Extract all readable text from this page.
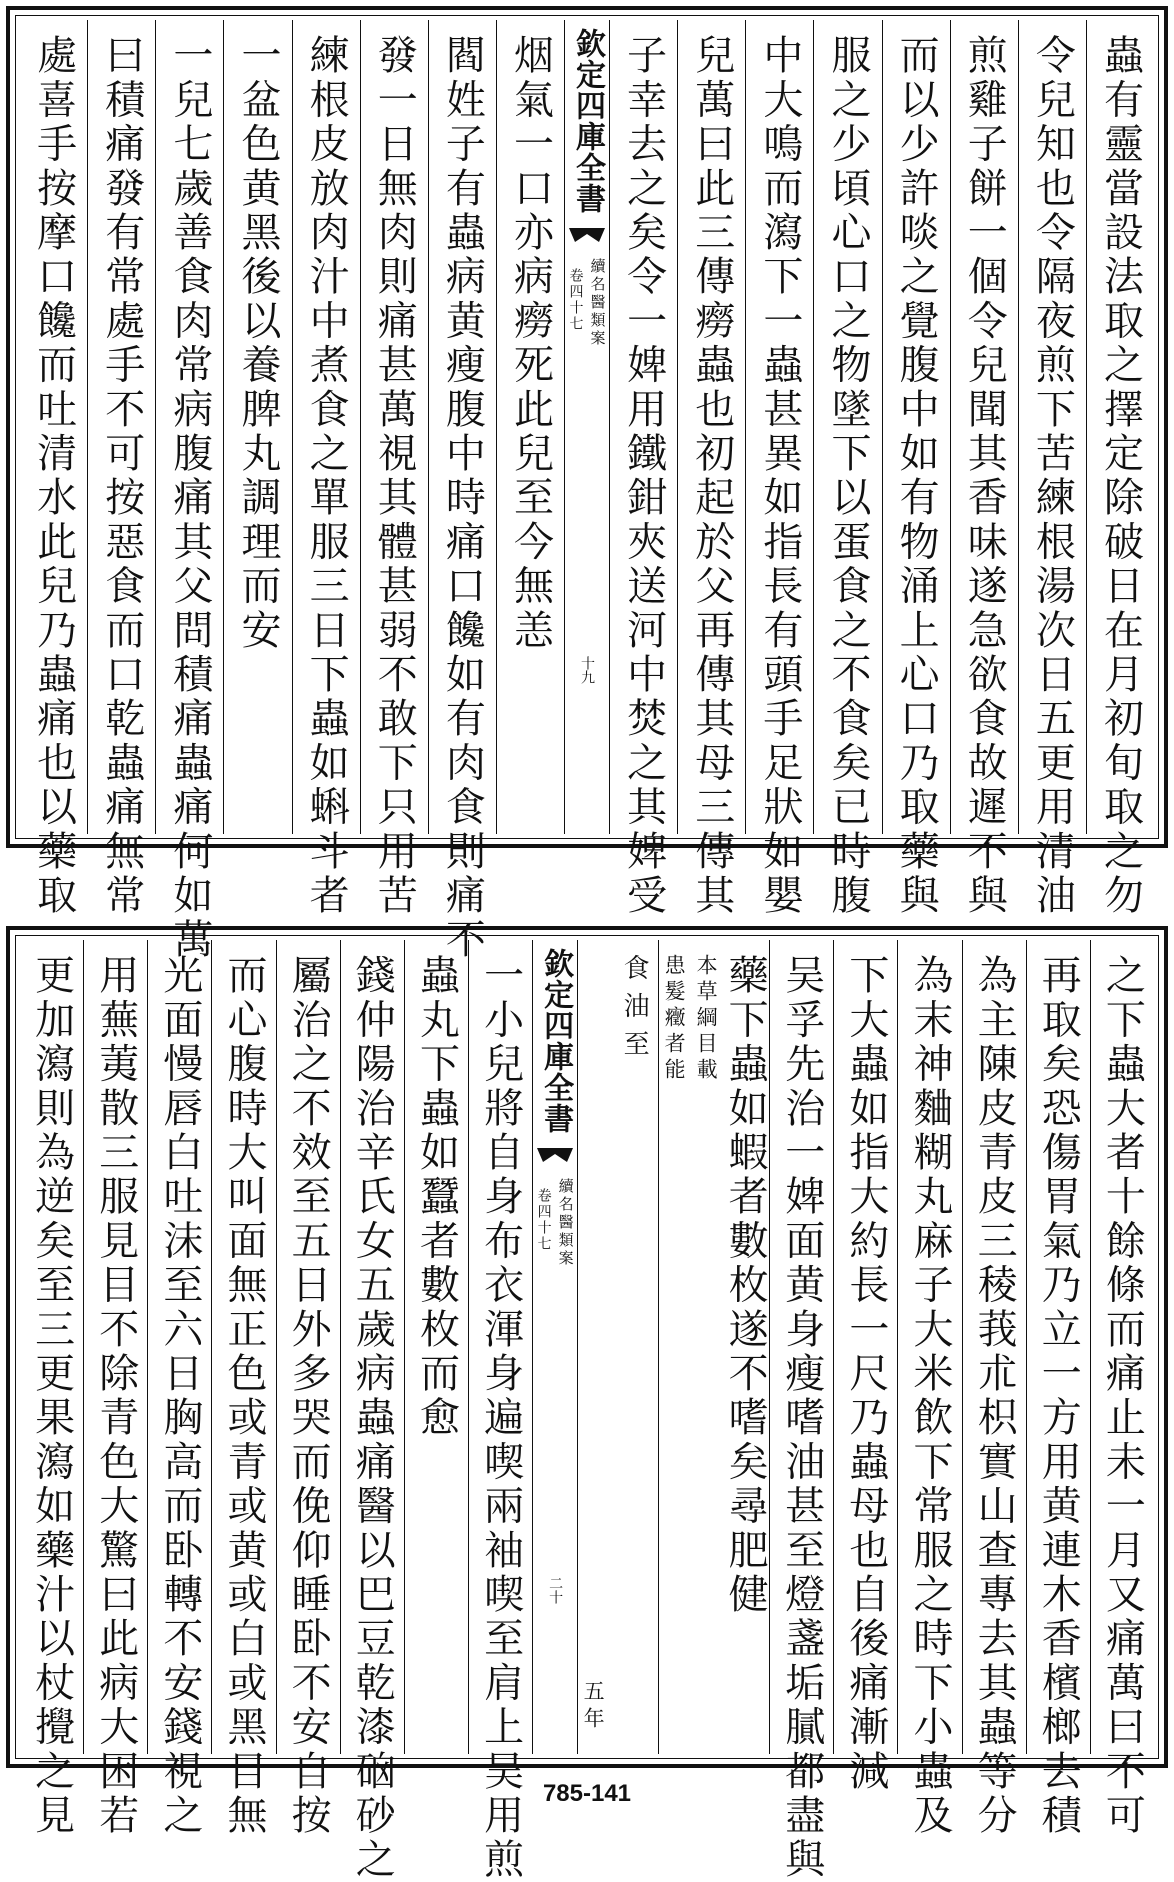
蟲有靈當設法取之擇定除破日在月初旬取之勿
令兒知也令隔夜煎下苦練根湯次日五更用清油
煎雞子餅一個令兒聞其香味遂急欲食故遲不與
而以少許啖之覺腹中如有物涌上心口乃取藥與
服之少頃心口之物墜下以蛋食之不食矣已時腹
中大鳴而瀉下一蟲甚異如指長有頭手足狀如嬰
兒萬曰此三傳癆蟲也初起於父再傳其母三傳其
子幸去之矣令一婢用鐵鉗夾送河中焚之其婢受
欽定四庫全書
續名醫類案
卷四十七
十九
烟氣一口亦病癆死此兒至今無恙
閻姓子有蟲病黄瘦腹中時痛口饞如有肉食則痛不
發一日無肉則痛甚萬視其體甚弱不敢下只用苦
練根皮放肉汁中煮食之單服三日下蟲如蝌斗者
一盆色黄黑後以養脾丸調理而安
一兒七歲善食肉常病腹痛其父問積痛蟲痛何如萬
曰積痛發有常處手不可按惡食而口乾蟲痛無常
處喜手按摩口饞而吐清水此兒乃蟲痛也以藥取
之下蟲大者十餘條而痛止未一月又痛萬曰不可
再取矣恐傷胃氣乃立一方用黄連木香檳榔去積
為主陳皮青皮三稜莪朮枳實山查專去其蟲等分
為末神麯糊丸麻子大米飲下常服之時下小蟲及
下大蟲如指大約長一尺乃蟲母也自後痛漸減
吴孚先治一婢面黄身瘦嗜油甚至燈盞垢膩都盡與
藥下蟲如蝦者數枚遂不嗜矣尋肥健
本草綱目載
患髮癥者能
食油至
五年
欽定四庫全書
續名醫類案
卷四十七
二十
一小兒將自身布衣渾身遍喫兩袖喫至肩上吴用煎
蟲丸下蟲如蠶者數枚而愈
錢仲陽治辛氏女五歲病蟲痛醫以巴豆乾漆硇砂之
屬治之不效至五日外多哭而俛仰睡卧不安自按
而心腹時大叫面無正色或青或黄或白或黑目無
光面慢唇白吐沫至六日胸高而卧轉不安錢視之
用蕪荑散三服見目不除青色大驚曰此病大困若
更加瀉則為逆矣至三更果瀉如藥汁以杖攪之見	785-141
